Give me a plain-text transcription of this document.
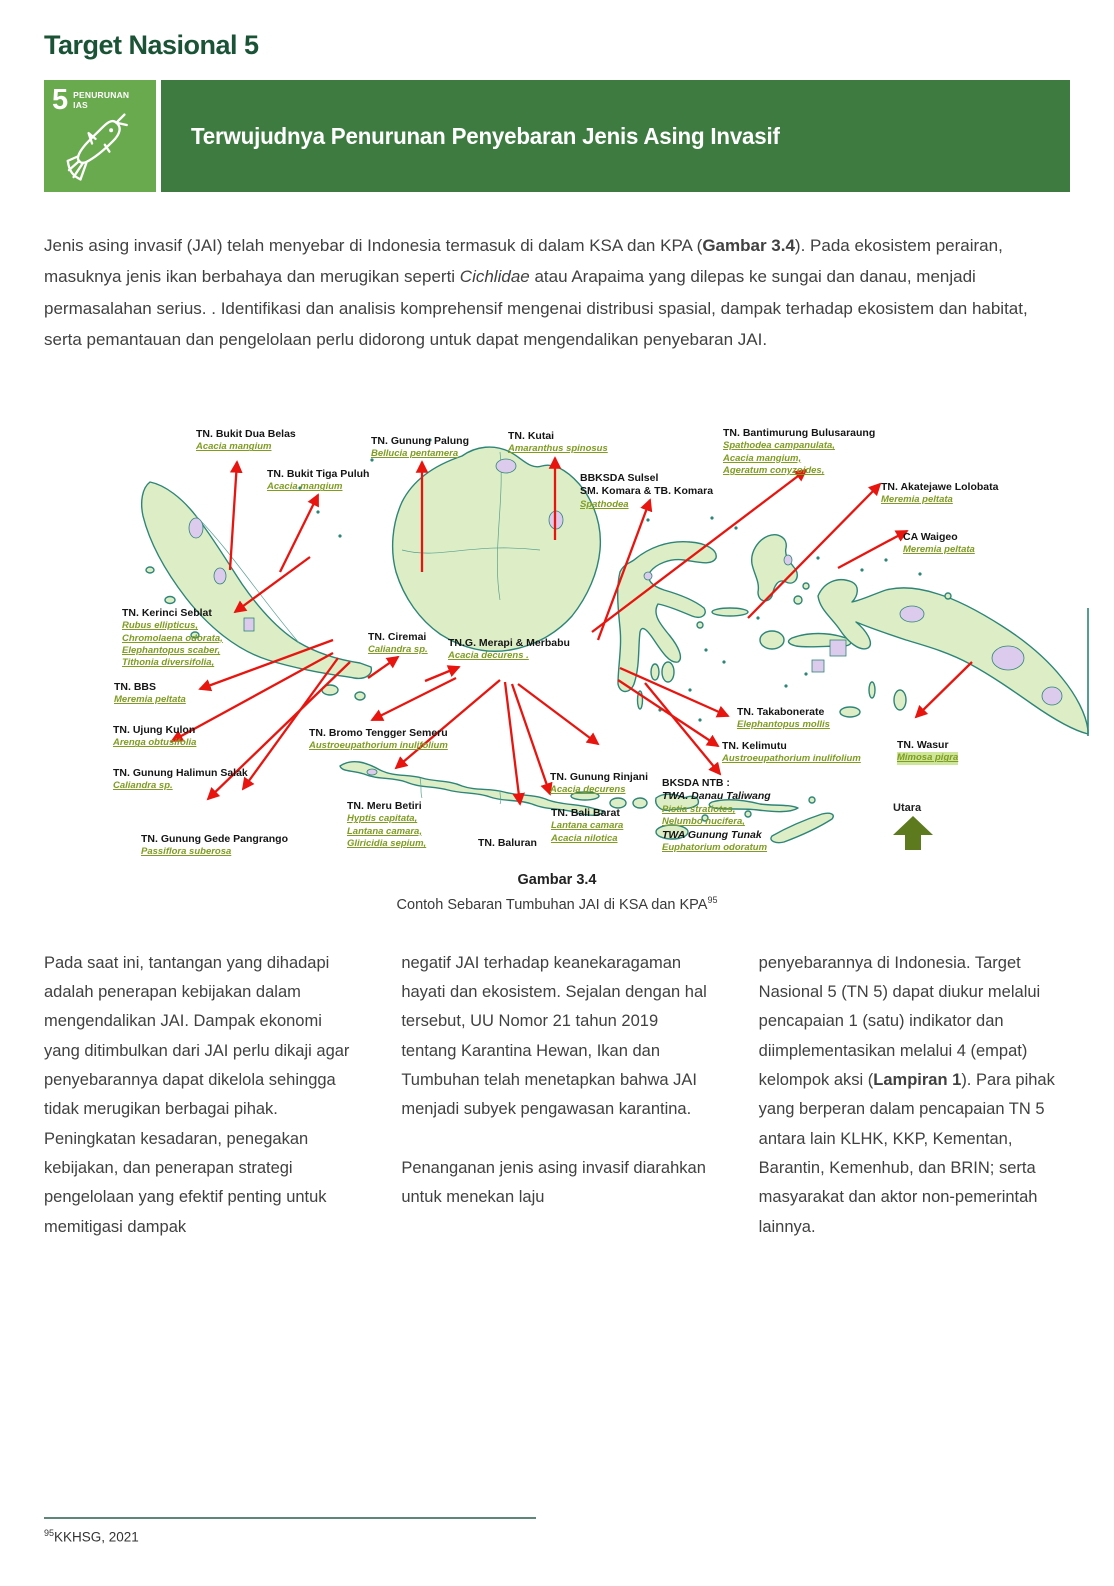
Target Nasional 5
5 PENURUNAN
IAS
Terwujudnya Penurunan Penyebaran Jenis Asing Invasif

Jenis asing invasif (JAI) telah menyebar di Indonesia termasuk di dalam KSA dan KPA (Gambar 3.4). Pada ekosistem perairan, masuknya jenis ikan berbahaya dan merugikan seperti Cichlidae atau Arapaima yang dilepas ke sungai dan danau, menjadi permasalahan serius. . Identifikasi dan analisis komprehensif mengenai distribusi spasial, dampak terhadap ekosistem dan habitat, serta pemantauan dan pengelolaan perlu didorong untuk dapat mengendalikan penyebaran JAI.

TN. Bukit Dua Belas
Acacia mangium
TN. Bukit Tiga Puluh
Acacia mangium
TN. Gunung Palung
Bellucia pentamera
TN. Kutai
Amaranthus spinosus
BBKSDA Sulsel
SM. Komara & TB. Komara
Spathodea
TN. Bantimurung Bulusaraung
Spathodea campanulata,
Acacia mangium,
Ageratum conyzoides,
TN. Akatejawe Lolobata
Meremia peltata
CA Waigeo
Meremia peltata
TN. Kerinci Seblat
Rubus ellipticus,
Chromolaena odorata,
Elephantopus scaber,
Tithonia diversifolia,
TN. Ciremai
Caliandra sp.
TN.G. Merapi & Merbabu
Acacia decurens .
TN. BBS
Meremia peltata
TN. Ujung Kulon
Arenga obtusifolia
TN. Bromo Tengger Semeru
Austroeupathorium inulifolium
TN. Gunung Halimun Salak
Caliandra sp.
TN. Gunung Gede Pangrango
Passiflora suberosa
TN. Meru Betiri
Hyptis capitata,
Lantana camara,
Gliricidia sepium,	TN. Baluran
TN. Gunung Rinjani
Acacia decurens
TN. Bali Barat
Lantana camara
Acacia nilotica
TN. Takabonerate
Elephantopus mollis
TN. Kelimutu
Austroeupathorium inulifolium
BKSDA NTB :
TWA. Danau Taliwang
Pistia stratiotes,
Nelumbo nucifera,
TWA Gunung Tunak
Euphatorium odoratum
TN. Wasur
Mimosa pigra
Utara
Gambar 3.4
Contoh Sebaran Tumbuhan JAI di KSA dan KPA$^{95}$

Pada saat ini, tantangan yang dihadapi adalah penerapan kebijakan dalam mengendalikan JAI. Dampak ekonomi yang ditimbulkan dari JAI perlu dikaji agar penyebarannya dapat dikelola sehingga tidak merugikan berbagai pihak. Peningkatan kesadaran, penegakan kebijakan, dan penerapan strategi pengelolaan yang efektif penting untuk memitigasi dampak

negatif JAI terhadap keanekaragaman hayati dan ekosistem. Sejalan dengan hal tersebut, UU Nomor 21 tahun 2019 tentang Karantina Hewan, Ikan dan Tumbuhan telah menetapkan bahwa JAI menjadi subyek pengawasan karantina.

Penanganan jenis asing invasif diarahkan untuk menekan laju

penyebarannya di Indonesia. Target Nasional 5 (TN 5) dapat diukur melalui pencapaian 1 (satu) indikator dan diimplementasikan melalui 4 (empat) kelompok aksi (Lampiran 1). Para pihak yang berperan dalam pencapaian TN 5 antara lain KLHK, KKP, Kementan, Barantin, Kemenhub, dan BRIN; serta masyarakat dan aktor non-pemerintah lainnya.

$^{95}$KKHSG, 2021
